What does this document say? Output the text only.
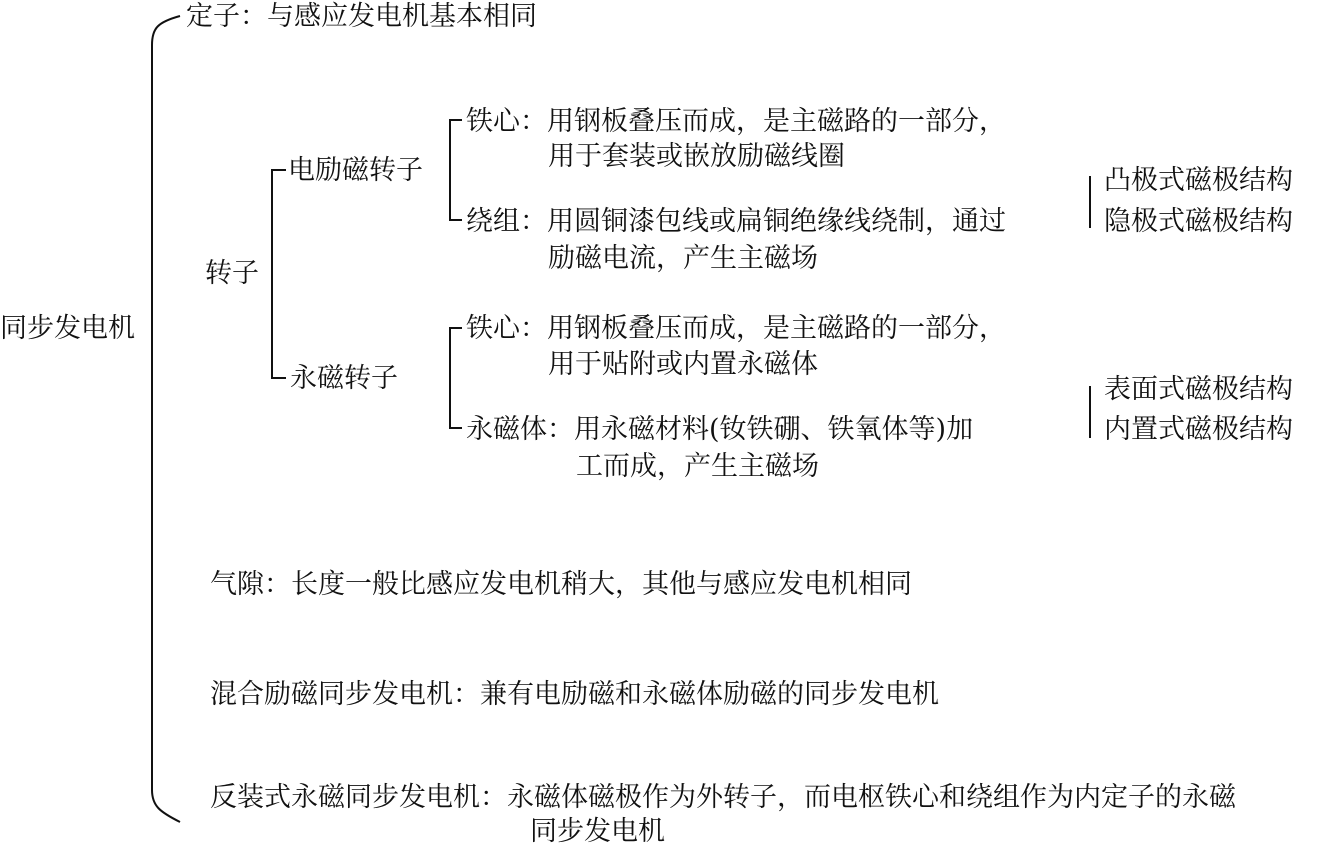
同步发电机
定子：与感应发电机基本相同
转子
电励磁转子
铁心：用钢板叠压而成，是主磁路的一部分，
用于套装或嵌放励磁线圈
绕组：用圆铜漆包线或扁铜绝缘线绕制，通过
励磁电流，产生主磁场
凸极式磁极结构
隐极式磁极结构
永磁转子
铁心：用钢板叠压而成，是主磁路的一部分，
用于贴附或内置永磁体
永磁体：用永磁材料(钕铁硼、铁氧体等)加
工而成，产生主磁场
表面式磁极结构
内置式磁极结构
气隙：长度一般比感应发电机稍大，其他与感应发电机相同
混合励磁同步发电机：兼有电励磁和永磁体励磁的同步发电机
反装式永磁同步发电机：永磁体磁极作为外转子，而电枢铁心和绕组作为内定子的永磁
同步发电机
